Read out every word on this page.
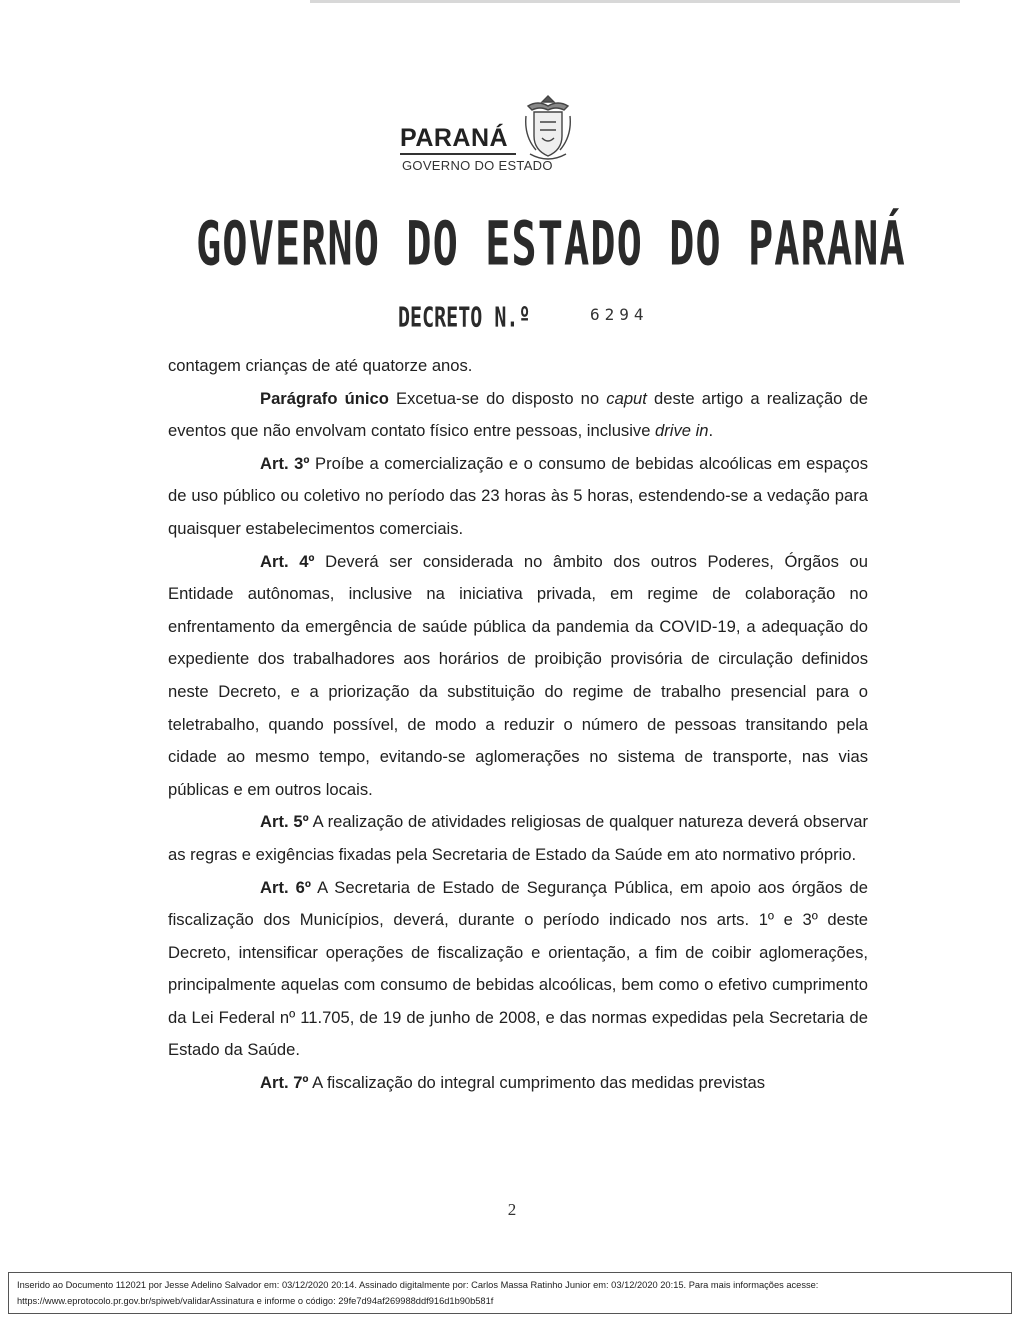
PARANÁ
GOVERNO DO ESTADO
GOVERNO DO ESTADO DO PARANÁ
DECRETO N.º	6294

contagem crianças de até quatorze anos.

Parágrafo único Excetua-se do disposto no caput deste artigo a realização de eventos que não envolvam contato físico entre pessoas, inclusive drive in.

Art. 3º Proíbe a comercialização e o consumo de bebidas alcoólicas em espaços de uso público ou coletivo no período das 23 horas às 5 horas, estendendo-se a vedação para quaisquer estabelecimentos comerciais.

Art. 4º Deverá ser considerada no âmbito dos outros Poderes, Órgãos ou Entidade autônomas, inclusive na iniciativa privada, em regime de colaboração no enfrentamento da emergência de saúde pública da pandemia da COVID-19, a adequação do expediente dos trabalhadores aos horários de proibição provisória de circulação definidos neste Decreto, e a priorização da substituição do regime de trabalho presencial para o teletrabalho, quando possível, de modo a reduzir o número de pessoas transitando pela cidade ao mesmo tempo, evitando-se aglomerações no sistema de transporte, nas vias públicas e em outros locais.

Art. 5º A realização de atividades religiosas de qualquer natureza deverá observar as regras e exigências fixadas pela Secretaria de Estado da Saúde em ato normativo próprio.

Art. 6º A Secretaria de Estado de Segurança Pública, em apoio aos órgãos de fiscalização dos Municípios, deverá, durante o período indicado nos arts. 1º e 3º deste Decreto, intensificar operações de fiscalização e orientação, a fim de coibir aglomerações, principalmente aquelas com consumo de bebidas alcoólicas, bem como o efetivo cumprimento da Lei Federal nº 11.705, de 19 de junho de 2008, e das normas expedidas pela Secretaria de Estado da Saúde.

Art. 7º A fiscalização do integral cumprimento das medidas previstas

2
Inserido ao Documento 112021 por Jesse Adelino Salvador em: 03/12/2020 20:14. Assinado digitalmente por: Carlos Massa Ratinho Junior em: 03/12/2020 20:15. Para mais informações acesse:
https://www.eprotocolo.pr.gov.br/spiweb/validarAssinatura e informe o código: 29fe7d94af269988ddf916d1b90b581f
